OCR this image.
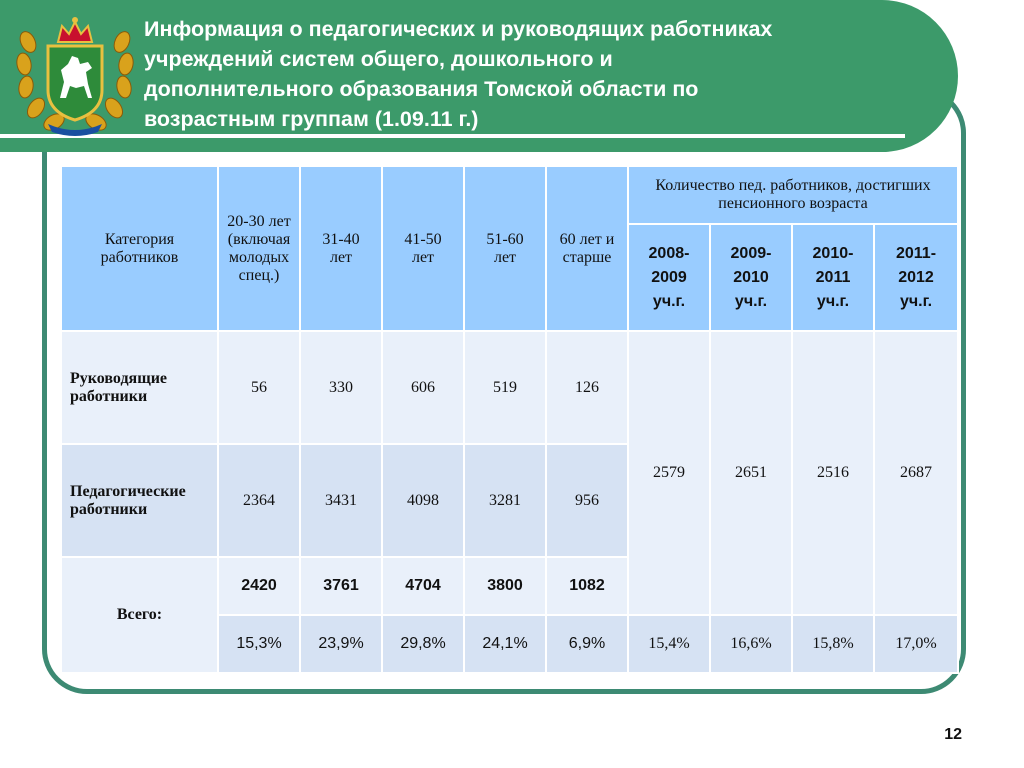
Информация о педагогических и руководящих работниках
учреждений систем общего, дошкольного и
дополнительного образования Томской области по
возрастным группам (1.09.11 г.)
Категория работников	20-30 лет (включая молодых спец.)	31-40 лет	41-50 лет	51-60 лет	60 лет и старше	Количество пед. работников, достигших пенсионного возраста			
						2008-2009 уч.г.	2009-2010 уч.г.	2010-2011 уч.г.	2011-2012 уч.г.
Руководящие работники	56	330	606	519	126	2579	2651	2516	2687
Педагогические работники	2364	3431	4098	3281	956				
Всего:	2420	3761	4704	3800	1082				
	15,3%	23,9%	29,8%	24,1%	6,9%	15,4%	16,6%	15,8%	17,0%
12
